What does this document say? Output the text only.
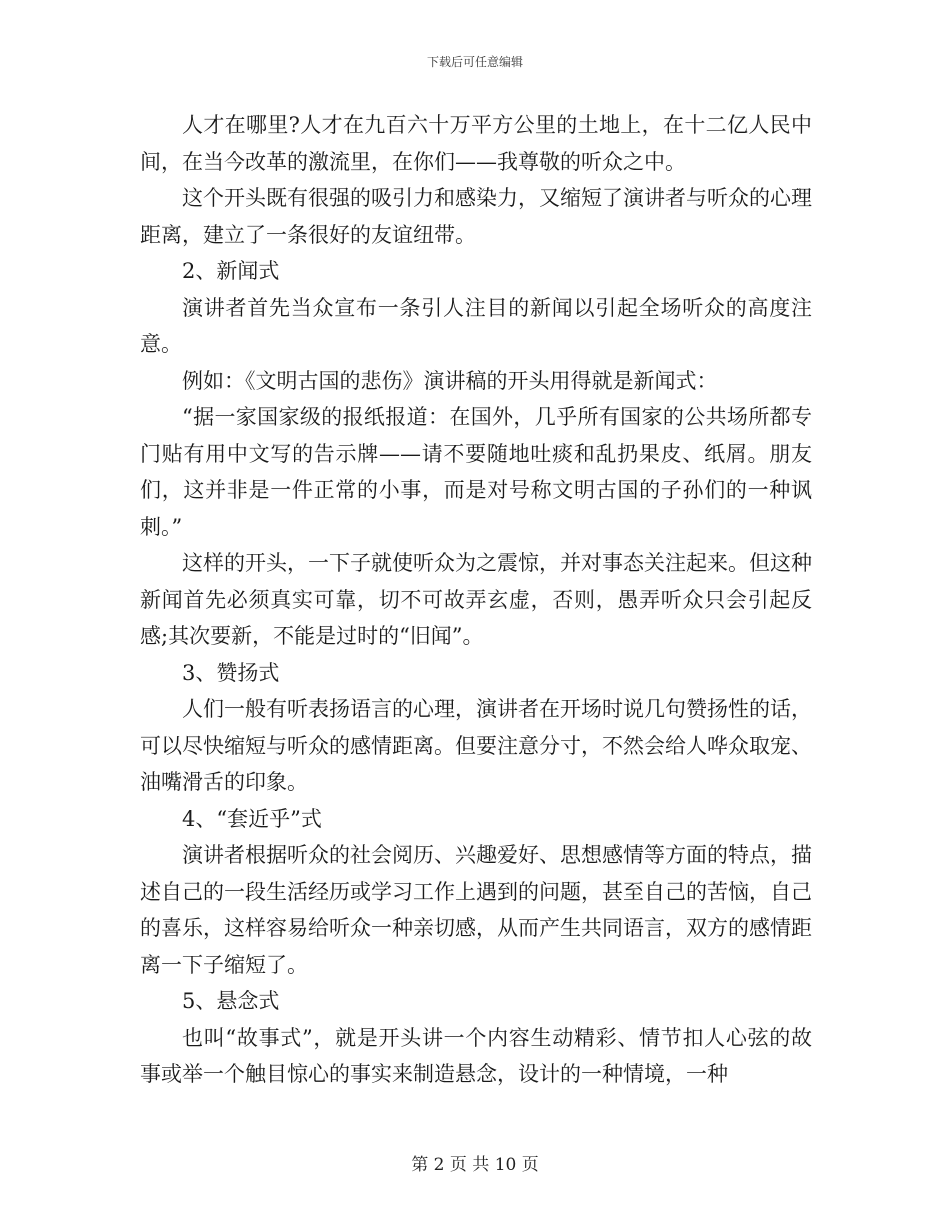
下载后可任意编辑

人才在哪里?人才在九百六十万平方公里的土地上，在十二亿人民中间，在当今改革的激流里，在你们——我尊敬的听众之中。

这个开头既有很强的吸引力和感染力，又缩短了演讲者与听众的心理距离，建立了一条很好的友谊纽带。

2、新闻式

演讲者首先当众宣布一条引人注目的新闻以引起全场听众的高度注意。

例如：《文明古国的悲伤》演讲稿的开头用得就是新闻式：

“据一家国家级的报纸报道：在国外，几乎所有国家的公共场所都专门贴有用中文写的告示牌——请不要随地吐痰和乱扔果皮、纸屑。朋友们，这并非是一件正常的小事，而是对号称文明古国的子孙们的一种讽刺。”

这样的开头，一下子就使听众为之震惊，并对事态关注起来。但这种新闻首先必须真实可靠，切不可故弄玄虚，否则，愚弄听众只会引起反感;其次要新，不能是过时的“旧闻”。

3、赞扬式

人们一般有听表扬语言的心理，演讲者在开场时说几句赞扬性的话，可以尽快缩短与听众的感情距离。但要注意分寸，不然会给人哗众取宠、油嘴滑舌的印象。

4、“套近乎”式

演讲者根据听众的社会阅历、兴趣爱好、思想感情等方面的特点，描述自己的一段生活经历或学习工作上遇到的问题，甚至自己的苦恼，自己的喜乐，这样容易给听众一种亲切感，从而产生共同语言，双方的感情距离一下子缩短了。

5、悬念式

也叫“故事式”，就是开头讲一个内容生动精彩、情节扣人心弦的故事或举一个触目惊心的事实来制造悬念，设计的一种情境，一种

第 2 页 共 10 页
